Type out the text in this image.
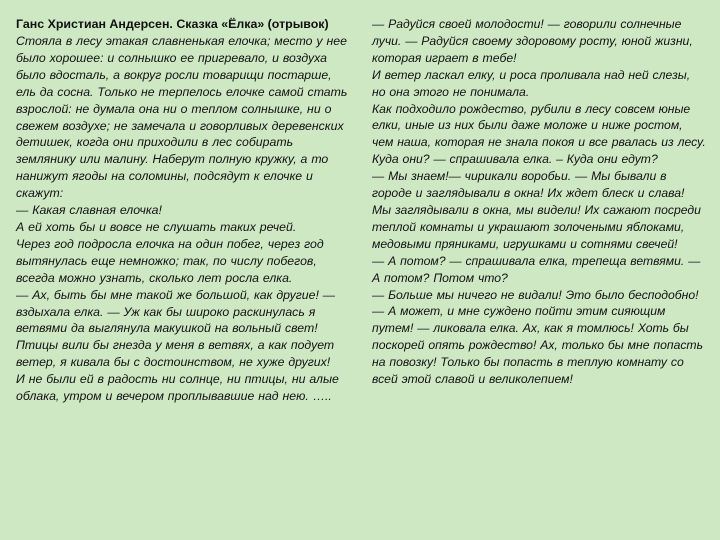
Ганс Христиан Андерсен. Сказка «Ёлка» (отрывок)

Стояла в лесу этакая славненькая елочка; место у нее было хорошее: и солнышко ее пригревало, и воздуха было вдосталь, а вокруг росли товарищи постарше, ель да сосна. Только не терпелось елочке самой стать взрослой: не думала она ни о теплом солнышке, ни о свежем воздухе; не замечала и говорливых деревенских детишек, когда они приходили в лес собирать землянику или малину. Наберут полную кружку, а то нанижут ягоды на соломины, подсядут к елочке и скажут:

— Какая славная елочка!

А ей хоть бы и вовсе не слушать таких речей.

Через год подросла елочка на один побег, через год вытянулась еще немножко; так, по числу побегов, всегда можно узнать, сколько лет росла елка.

— Ах, быть бы мне такой же большой, как другие! — вздыхала елка. — Уж как бы широко раскинулась я ветвями да выглянула макушкой на вольный свет! Птицы вили бы гнезда у меня в ветвях, а как подует ветер, я кивала бы с достоинством, не хуже других!

И не были ей в радость ни солнце, ни птицы, ни алые облака, утром и вечером проплывавшие над нею. …..

— Радуйся своей молодости! — говорили солнечные лучи. — Радуйся своему здоровому росту, юной жизни, которая играет в тебе!

И ветер ласкал елку, и роса проливала над ней слезы, но она этого не понимала.

Как подходило рождество, рубили в лесу совсем юные елки, иные из них были даже моложе и ниже ростом, чем наша, которая не знала покоя и все рвалась из лесу.

Куда они? — спрашивала елка. – Куда они едут?

— Мы знаем!— чирикали воробьи. — Мы бывали в городе и заглядывали в окна! Их ждет блеск и слава! Мы заглядывали в окна, мы видели! Их сажают посреди теплой комнаты и украшают золочеными яблоками, медовыми пряниками, игрушками и сотнями свечей!

— А потом? — спрашивала елка, трепеща ветвями. — А потом? Потом что?

— Больше мы ничего не видали! Это было бесподобно!

— А может, и мне суждено пойти этим сияющим путем! — ликовала елка. Ах, как я томлюсь! Хоть бы поскорей опять рождество! Ах, только бы мне попасть на повозку! Только бы попасть в теплую комнату со всей этой славой и великолепием!
